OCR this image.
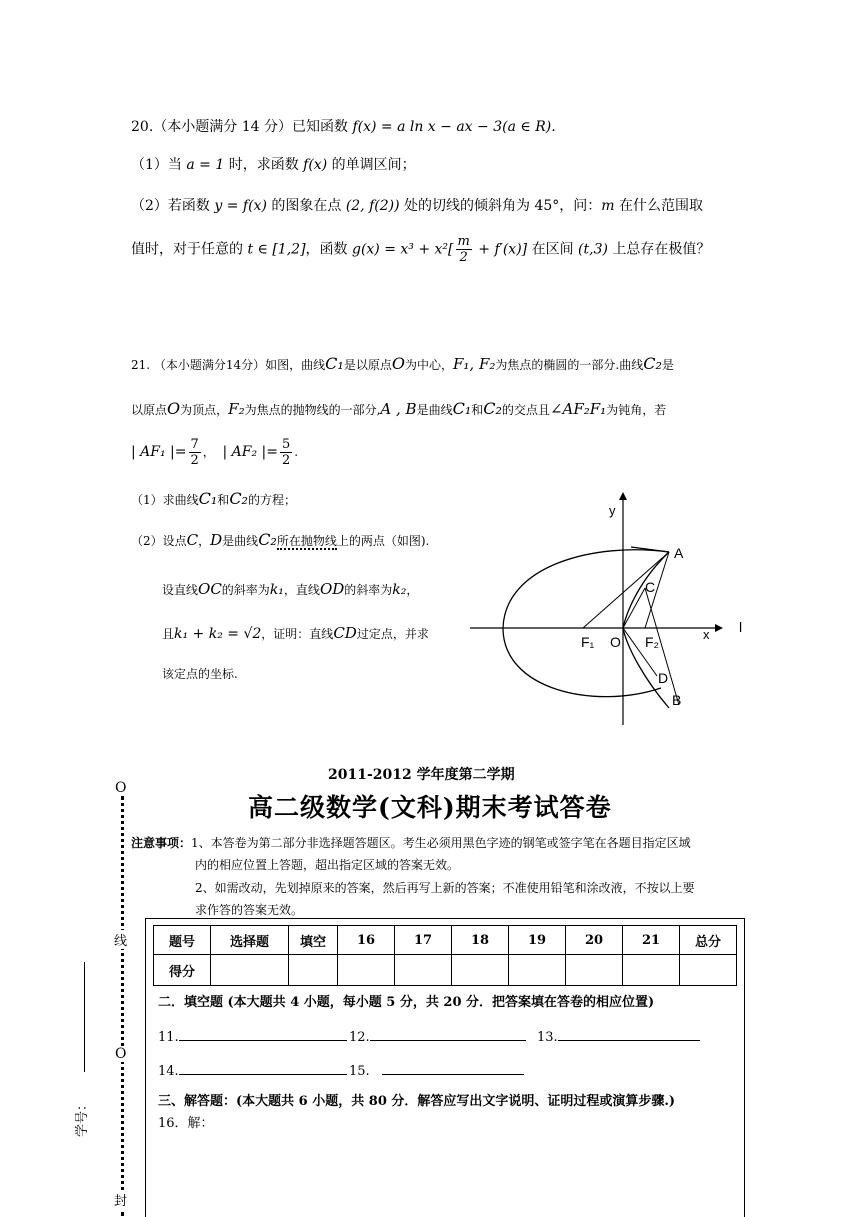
20.（本小题满分 14 分）已知函数 f(x) = a ln x − ax − 3(a ∈ R).
（1）当 a = 1 时，求函数 f(x) 的单调区间；
（2）若函数 y = f(x) 的图象在点 (2, f(2)) 处的切线的倾斜角为 45°，问：m 在什么范围取
值时，对于任意的 t ∈ [1,2]，函数 $g(x) = x^3 + x^2[ \frac{m}{2} + f'(x)]$ 在区间 (t,3) 上总存在极值？
21. （本小题满分14分）如图，曲线C₁是以原点O为中心，F₁, F₂为焦点的椭圆的一部分.曲线C₂是
以原点O为顶点，F₂为焦点的抛物线的一部分,A , B是曲线C₁和C₂的交点且∠AF₂F₁为钝角，若
| AF₁ |= $\frac{7}{2}$ ， | AF₂ |= $\frac{5}{2}$ .
（1）求曲线C₁和C₂的方程；
（2）设点C，D是曲线C₂所在抛物线上的两点（如图).
设直线OC的斜率为k₁，直线OD的斜率为k₂，
且k₁ + k₂ = √2，证明：直线CD过定点，并求
该定点的坐标.
y
x
A
C
F₁ O F₂
D
B
l
2011-2012 学年度第二学期
高二级数学(文科)期末考试答卷
注意事项：1、本答卷为第二部分非选择题答题区。考生必须用黑色字迹的钢笔或签字笔在各题目指定区域
内的相应位置上答题，超出指定区域的答案无效。
2、如需改动，先划掉原来的答案，然后再写上新的答案；不准使用铅笔和涂改液，不按以上要
求作答的答案无效。
题号	选择题	填空	16	17	18	19	20	21	总分
得分									
二．填空题 (本大题共 4 小题，每小题 5 分，共 20 分．把答案填在答卷的相应位置)
11.	12.	13.
14.	15.
三、解答题：(本大题共 6 小题，共 80 分．解答应写出文字说明、证明过程或演算步骤.)
16．解：
O
线
O
封
学号：
